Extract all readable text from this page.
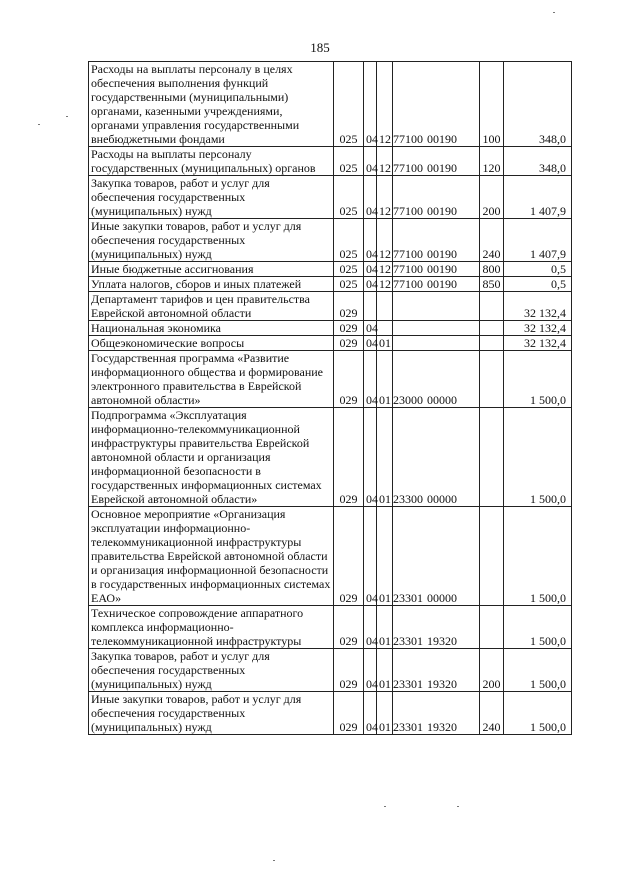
185
Расходы на выплаты персоналу в целях обеспечения выполнения функций государственными (муниципальными) органами, казенными учреждениями, органами управления государственными внебюджетными фондами	025	04	12	77100 00190	100	348,0
Расходы на выплаты персоналу государственных (муниципальных) органов	025	04	12	77100 00190	120	348,0
Закупка товаров, работ и услуг для обеспечения государственных (муниципальных) нужд	025	04	12	77100 00190	200	1 407,9
Иные закупки товаров, работ и услуг для обеспечения государственных (муниципальных) нужд	025	04	12	77100 00190	240	1 407,9
Иные бюджетные ассигнования	025	04	12	77100 00190	800	0,5
Уплата налогов, сборов и иных платежей	025	04	12	77100 00190	850	0,5
Департамент тарифов и цен правительства Еврейской автономной области	029					32 132,4
Национальная экономика	029	04				32 132,4
Общеэкономические вопросы	029	04	01			32 132,4
Государственная программа «Развитие информационного общества и формирование электронного правительства в Еврейской автономной области»	029	04	01	23000 00000		1 500,0
Подпрограмма «Эксплуатация информационно-телекоммуникационной инфраструктуры правительства Еврейской автономной области и организация информационной безопасности в государственных информационных системах Еврейской автономной области»	029	04	01	23300 00000		1 500,0
Основное мероприятие «Организация эксплуатации информационно-телекоммуникационной инфраструктуры правительства Еврейской автономной области и организация информационной безопасности в государственных информационных системах ЕАО»	029	04	01	23301 00000		1 500,0
Техническое сопровождение аппаратного комплекса информационно-телекоммуникационной инфраструктуры	029	04	01	23301 19320		1 500,0
Закупка товаров, работ и услуг для обеспечения государственных (муниципальных) нужд	029	04	01	23301 19320	200	1 500,0
Иные закупки товаров, работ и услуг для обеспечения государственных (муниципальных) нужд	029	04	01	23301 19320	240	1 500,0
